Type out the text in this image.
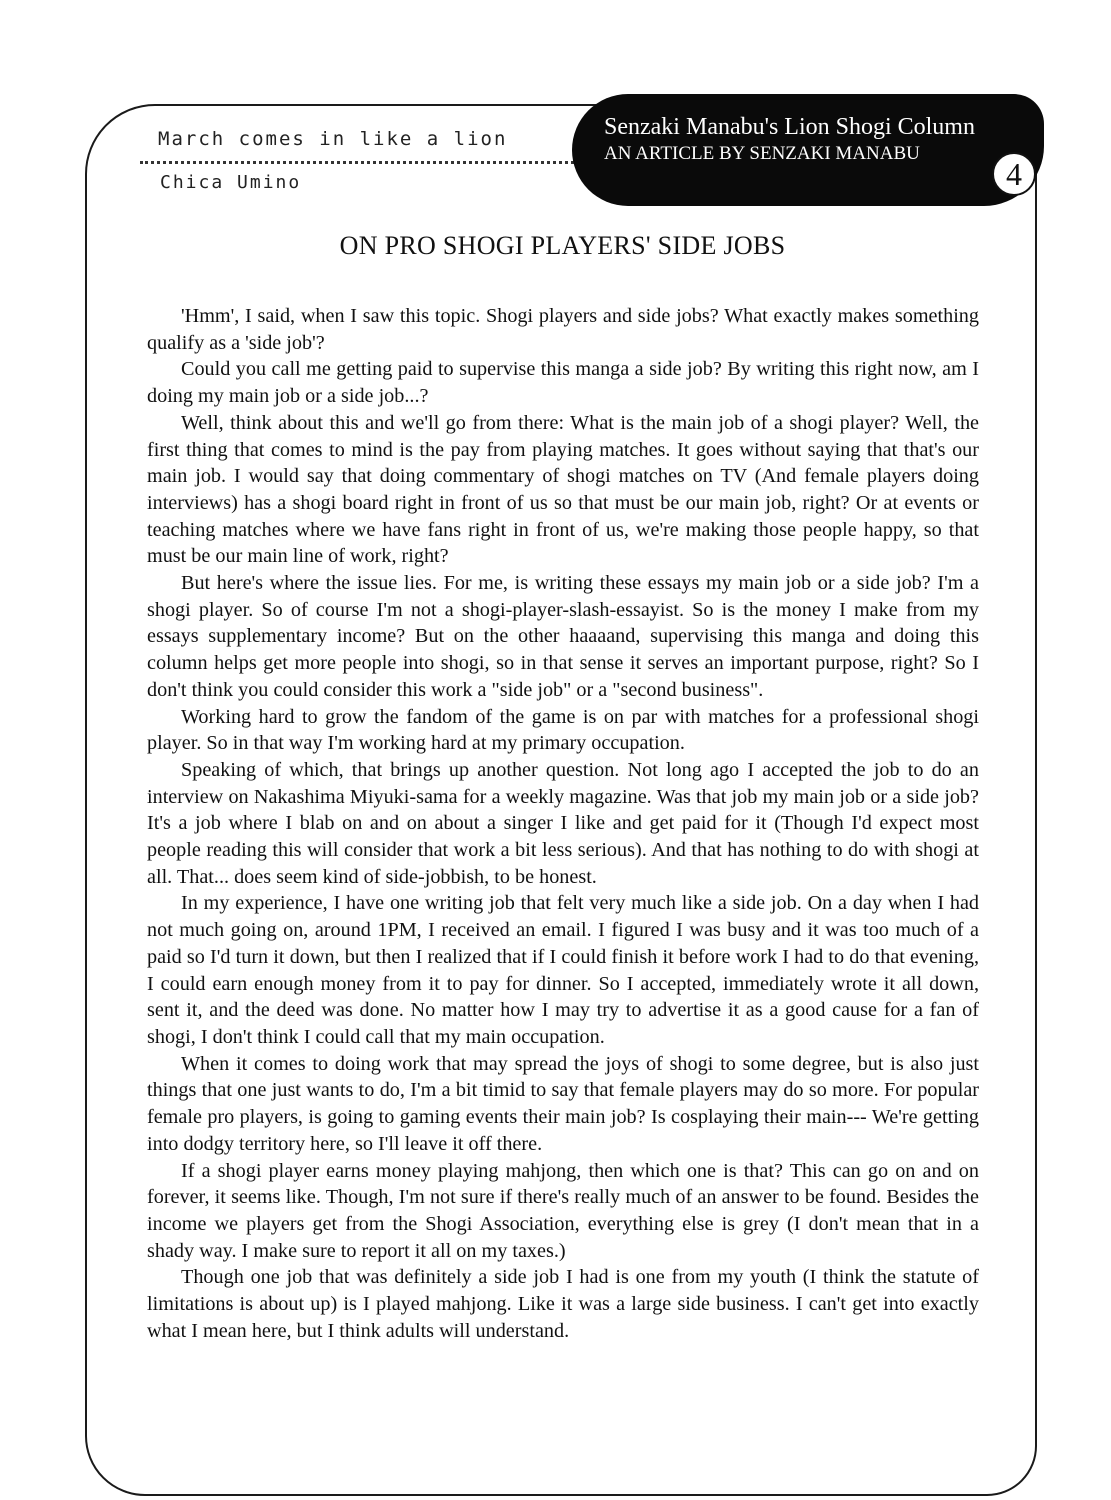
March comes in like a lion
Chica Umino
Senzaki Manabu's Lion Shogi Column
AN ARTICLE BY SENZAKI MANABU
4
ON PRO SHOGI PLAYERS' SIDE JOBS

'Hmm', I said, when I saw this topic. Shogi players and side jobs? What exactly makes something qualify as a 'side job'?

Could you call me getting paid to supervise this manga a side job? By writing this right now, am I doing my main job or a side job...?

Well, think about this and we'll go from there: What is the main job of a shogi player? Well, the first thing that comes to mind is the pay from playing matches. It goes without saying that that's our main job. I would say that doing commentary of shogi matches on TV (And female players doing interviews) has a shogi board right in front of us so that must be our main job, right? Or at events or teaching matches where we have fans right in front of us, we're making those people happy, so that must be our main line of work, right?

But here's where the issue lies. For me, is writing these essays my main job or a side job? I'm a shogi player. So of course I'm not a shogi-player-slash-essayist. So is the money I make from my essays supplementary income? But on the other haaaand, supervising this manga and doing this column helps get more people into shogi, so in that sense it serves an important purpose, right? So I don't think you could consider this work a "side job" or a "second business".

Working hard to grow the fandom of the game is on par with matches for a professional shogi player. So in that way I'm working hard at my primary occupation.

Speaking of which, that brings up another question. Not long ago I accepted the job to do an interview on Nakashima Miyuki-sama for a weekly magazine. Was that job my main job or a side job? It's a job where I blab on and on about a singer I like and get paid for it (Though I'd expect most people reading this will consider that work a bit less serious). And that has nothing to do with shogi at all. That... does seem kind of side-jobbish, to be honest.

In my experience, I have one writing job that felt very much like a side job. On a day when I had not much going on, around 1PM, I received an email. I figured I was busy and it was too much of a paid so I'd turn it down, but then I realized that if I could finish it before work I had to do that evening, I could earn enough money from it to pay for dinner. So I accepted, immediately wrote it all down, sent it, and the deed was done. No matter how I may try to advertise it as a good cause for a fan of shogi, I don't think I could call that my main occupation.

When it comes to doing work that may spread the joys of shogi to some degree, but is also just things that one just wants to do, I'm a bit timid to say that female players may do so more. For popular female pro players, is going to gaming events their main job? Is cosplaying their main--- We're getting into dodgy territory here, so I'll leave it off there.

If a shogi player earns money playing mahjong, then which one is that? This can go on and on forever, it seems like. Though, I'm not sure if there's really much of an answer to be found. Besides the income we players get from the Shogi Association, everything else is grey (I don't mean that in a shady way. I make sure to report it all on my taxes.)

Though one job that was definitely a side job I had is one from my youth (I think the statute of limitations is about up) is I played mahjong. Like it was a large side business. I can't get into exactly what I mean here, but I think adults will understand.
